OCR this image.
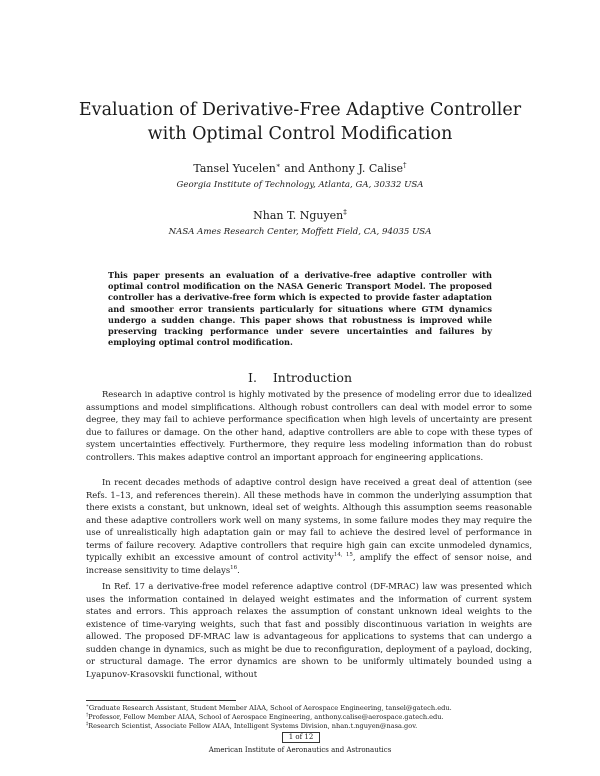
Evaluation of Derivative-Free Adaptive Controller
with Optimal Control Modification
Tansel Yucelen∗ and Anthony J. Calise†
Georgia Institute of Technology, Atlanta, GA, 30332 USA
Nhan T. Nguyen‡
NASA Ames Research Center, Moffett Field, CA, 94035 USA
This paper presents an evaluation of a derivative-free adaptive controller with optimal control modification on the NASA Generic Transport Model. The proposed controller has a derivative-free form which is expected to provide faster adaptation and smoother error transients particularly for situations where GTM dynamics undergo a sudden change. This paper shows that robustness is improved while preserving tracking performance under severe uncertainties and failures by employing optimal control modification.
I. Introduction

Research in adaptive control is highly motivated by the presence of modeling error due to idealized assumptions and model simplifications. Although robust controllers can deal with model error to some degree, they may fail to achieve performance specification when high levels of uncertainty are present due to failures or damage. On the other hand, adaptive controllers are able to cope with these types of system uncertainties effectively. Furthermore, they require less modeling information than do robust controllers. This makes adaptive control an important approach for engineering applications.

In recent decades methods of adaptive control design have received a great deal of attention (see Refs. 1–13, and references therein). All these methods have in common the underlying assumption that there exists a constant, but unknown, ideal set of weights. Although this assumption seems reasonable and these adaptive controllers work well on many systems, in some failure modes they may require the use of unrealistically high adaptation gain or may fail to achieve the desired level of performance in terms of failure recovery. Adaptive controllers that require high gain can excite unmodeled dynamics, typically exhibit an excessive amount of control activity$^{14, 15}$, amplify the effect of sensor noise, and increase sensitivity to time delays$^{16}$.

In Ref. 17 a derivative-free model reference adaptive control (DF-MRAC) law was presented which uses the information contained in delayed weight estimates and the information of current system states and errors. This approach relaxes the assumption of constant unknown ideal weights to the existence of time-varying weights, such that fast and possibly discontinuous variation in weights are allowed. The proposed DF-MRAC law is advantageous for applications to systems that can undergo a sudden change in dynamics, such as might be due to reconfiguration, deployment of a payload, docking, or structural damage. The error dynamics are shown to be uniformly ultimately bounded using a Lyapunov-Krasovskii functional, without

∗Graduate Research Assistant, Student Member AIAA, School of Aerospace Engineering, tansel@gatech.edu.
†Professor, Fellow Member AIAA, School of Aerospace Engineering, anthony.calise@aerospace.gatech.edu.
‡Research Scientist, Associate Fellow AIAA, Intelligent Systems Division, nhan.t.nguyen@nasa.gov.
1 of 12
American Institute of Aeronautics and Astronautics
